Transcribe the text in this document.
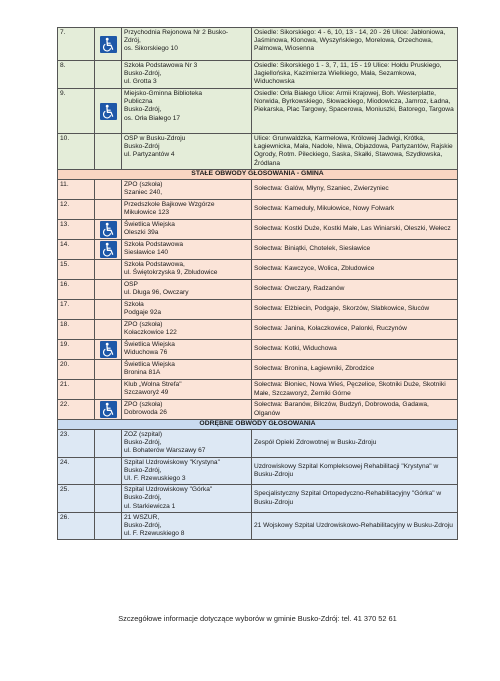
7.		Przychodnia Rejonowa Nr 2 Busko-
Zdrój,
os. Sikorskiego 10	Osiedle: Sikorskiego: 4 - 6, 10, 13 - 14, 20 - 26 Ulice: Jabłoniowa, Jaśminowa, Klonowa, Wyszyńskiego, Morelowa, Orzechowa, Palmowa, Wiosenna
8.		Szkoła Podstawowa Nr 3
Busko-Zdrój,
ul. Grotta 3	Osiedle: Sikorskiego 1 - 3, 7, 11, 15 - 19 Ulice: Hołdu Pruskiego, Jagiellońska, Kazimierza Wielkiego, Mała, Sezamkowa, Widuchowska
9.		Miejsko-Gminna Biblioteka
Publiczna
Busko-Zdrój,
os. Orła Białego 17	Osiedle: Orła Białego Ulice: Armii Krajowej, Boh. Westerplatte, Norwida, Byrkowskiego, Słowackiego, Miodowicza, Jamroz, Ładna, Piekarska, Plac Targowy, Spacerowa, Moniuszki, Batorego, Targowa
10.		OSP w Busku-Zdroju
Busko-Zdrój
ul. Partyzantów 4	Ulice: Grunwaldzka, Karmelowa, Królowej Jadwigi, Krótka, Łagiewnicka, Mała, Nadole, Niwa, Objazdowa, Partyzantów, Rajskie Ogrody, Rotm. Pileckiego, Saska, Skałki, Stawowa, Szydłowska, Źródlana
STAŁE OBWODY GŁOSOWANIA - GMINA			
11.		ZPO (szkoła)
Szaniec 240,	Sołectwa: Galów, Młyny, Szaniec, Zwierzyniec
12.		Przedszkole Bajkowe Wzgórze
Mikułowice 123	Sołectwa: Kameduły, Mikułowice, Nowy Folwark
13.		Świetlica Wiejska
Oleszki 39a	Sołectwa: Kostki Duże, Kostki Małe, Las Winiarski, Oleszki, Wełecz
14.		Szkoła Podstawowa
Siesławice 140	Sołectwa: Biniątki, Chotelek, Siesławice
15.		Szkoła Podstawowa,
ul. Świętokrzyska 9, Zbludowice	Sołectwa: Kawczyce, Wolica, Zbludowice
16.		OSP
ul. Długa 96, Owczary	Sołectwa: Owczary, Radzanów
17.		Szkoła
Podgaje 92a	Sołectwa: Elżbiecin, Podgaje, Skorzów, Słabkowice, Słuców
18.		ZPO (szkoła)
Kołaczkowice 122	Sołectwa: Janina, Kołaczkowice, Palonki, Ruczynów
19.		Świetlica Wiejska
Widuchowa 76	Sołectwa: Kotki, Widuchowa
20.		Świetlica Wiejska
Bronina 81A	Sołectwa: Bronina, Łagiewniki, Zbrodzice
21.		Klub „Wolna Strefa"
Szczaworyż 49	Sołectwa: Błoniec, Nowa Wieś, Pęczelice, Skotniki Duże, Skotniki Małe, Szczaworyż, Żerniki Górne
22.		ZPO (szkoła)
Dobrowoda 26	Sołectwa: Baranów, Bilczów, Budzyń, Dobrowoda, Gadawa, Olganów
ODRĘBNE OBWODY GŁOSOWANIA			
23.		ZOZ (szpital)
Busko-Zdrój,
ul. Bohaterów Warszawy 67	Zespół Opieki Zdrowotnej w Busku-Zdroju
24.		Szpital Uzdrowiskowy "Krystyna"
Busko-Zdrój,
Ul. F. Rzewuskiego 3	Uzdrowiskowy Szpital Kompleksowej Rehabilitacji "Krystyna" w Busku-Zdroju
25.		Szpital Uzdrowiskowy "Górka"
Busko-Zdrój,
ul. Starkiewicza 1	Specjalistyczny Szpital Ortopedyczno-Rehabilitacyjny "Górka" w Busku-Zdroju
26.		21 WSZUR,
Busko-Zdrój,
ul. F. Rzewuskiego 8	21 Wojskowy Szpital Uzdrowiskowo-Rehabilitacyjny w Busku-Zdroju
Szczegółowe informacje dotyczące wyborów w gminie Busko-Zdrój: tel. 41 370 52 61
